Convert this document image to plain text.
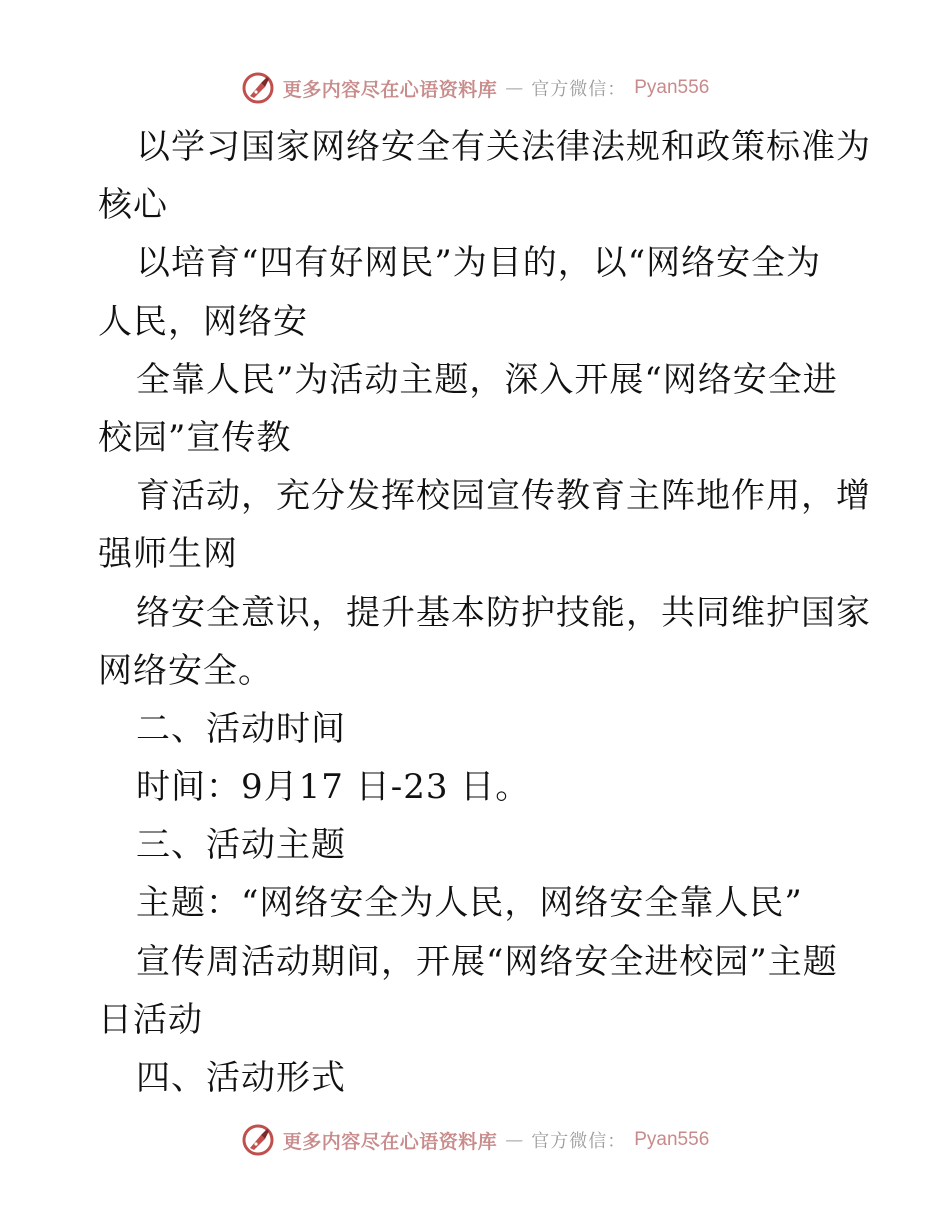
更多内容尽在心语资料库 — 官方微信： Pyan556
以学习国家网络安全有关法律法规和政策标准为
核心
以培育“四有好网民”为目的，以“网络安全为
人民，网络安
全靠人民”为活动主题，深入开展“网络安全进
校园”宣传教
育活动，充分发挥校园宣传教育主阵地作用，增
强师生网
络安全意识，提升基本防护技能，共同维护国家
网络安全。
二、活动时间
时间：9月17 日-23 日。
三、活动主题
主题：“网络安全为人民，网络安全靠人民”
宣传周活动期间，开展“网络安全进校园”主题
日活动
四、活动形式
更多内容尽在心语资料库 — 官方微信： Pyan556
